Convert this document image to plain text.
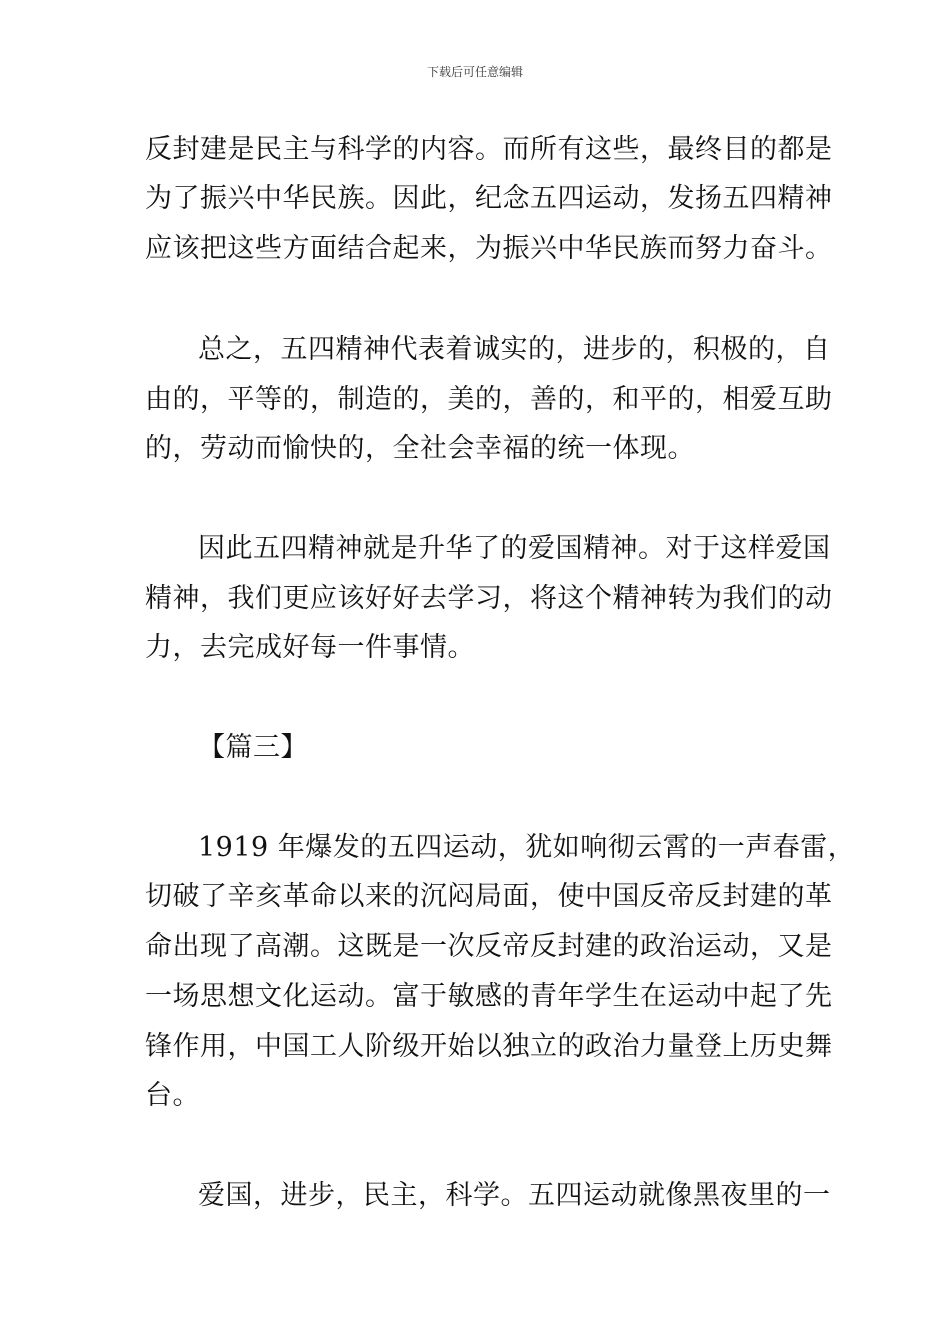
下载后可任意编辑
反封建是民主与科学的内容。而所有这些，最终目的都是
为了振兴中华民族。因此，纪念五四运动，发扬五四精神
应该把这些方面结合起来，为振兴中华民族而努力奋斗。
总之，五四精神代表着诚实的，进步的，积极的，自
由的，平等的，制造的，美的，善的，和平的，相爱互助
的，劳动而愉快的，全社会幸福的统一体现。
因此五四精神就是升华了的爱国精神。对于这样爱国
精神，我们更应该好好去学习，将这个精神转为我们的动
力，去完成好每一件事情。
【篇三】
1919 年爆发的五四运动，犹如响彻云霄的一声春雷，
切破了辛亥革命以来的沉闷局面，使中国反帝反封建的革
命出现了高潮。这既是一次反帝反封建的政治运动，又是
一场思想文化运动。富于敏感的青年学生在运动中起了先
锋作用，中国工人阶级开始以独立的政治力量登上历史舞
台。
爱国，进步，民主，科学。五四运动就像黑夜里的一
